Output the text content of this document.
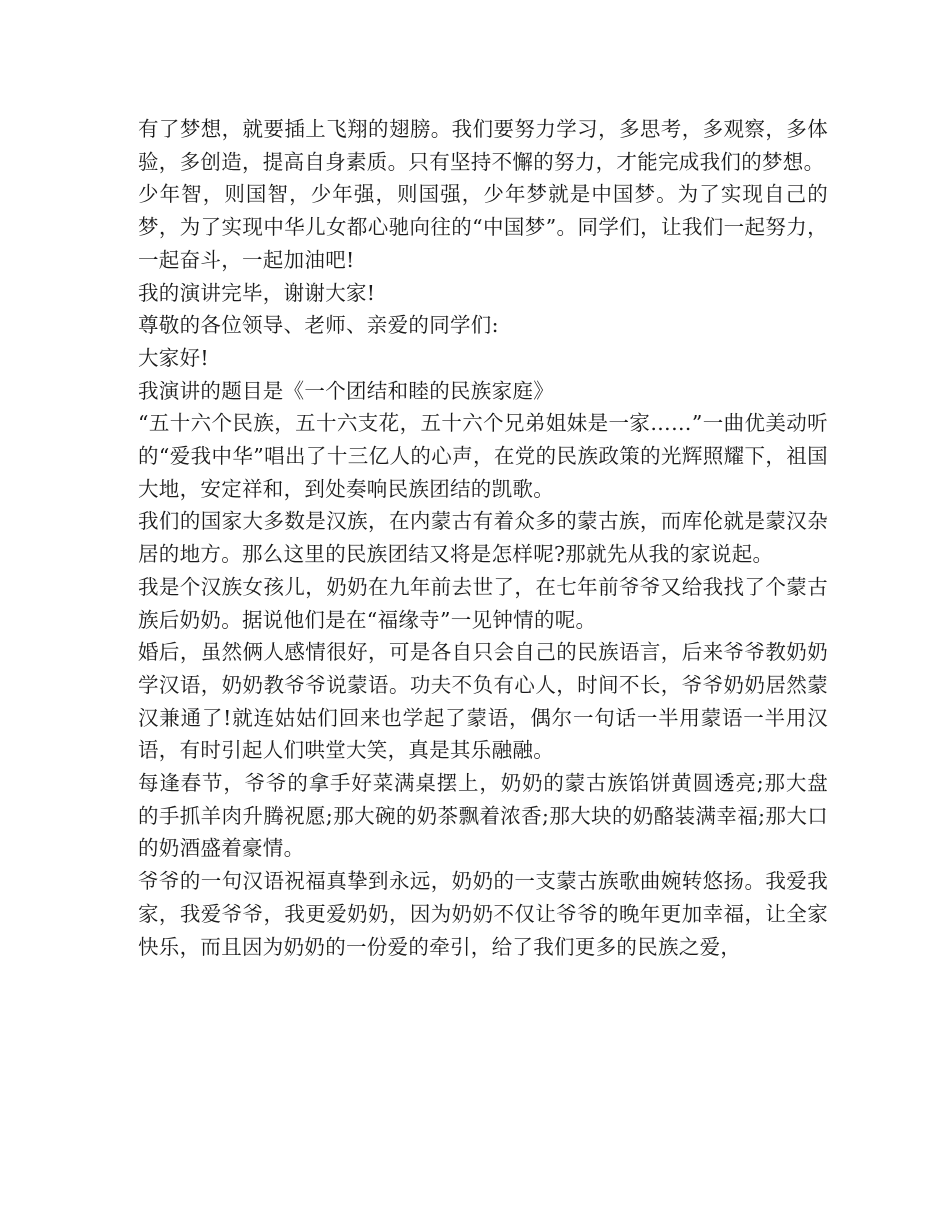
有了梦想，就要插上飞翔的翅膀。我们要努力学习，多思考，多观察，多体验，多创造，提高自身素质。只有坚持不懈的努力，才能完成我们的梦想。

少年智，则国智，少年强，则国强，少年梦就是中国梦。为了实现自己的梦，为了实现中华儿女都心驰向往的“中国梦”。同学们，让我们一起努力，一起奋斗，一起加油吧!

我的演讲完毕，谢谢大家!

尊敬的各位领导、老师、亲爱的同学们:

大家好!

我演讲的题目是《一个团结和睦的民族家庭》

“五十六个民族，五十六支花，五十六个兄弟姐妹是一家……”一曲优美动听的“爱我中华”唱出了十三亿人的心声，在党的民族政策的光辉照耀下，祖国大地，安定祥和，到处奏响民族团结的凯歌。

我们的国家大多数是汉族，在内蒙古有着众多的蒙古族，而库伦就是蒙汉杂居的地方。那么这里的民族团结又将是怎样呢?那就先从我的家说起。

我是个汉族女孩儿，奶奶在九年前去世了，在七年前爷爷又给我找了个蒙古族后奶奶。据说他们是在“福缘寺”一见钟情的呢。

婚后，虽然俩人感情很好，可是各自只会自己的民族语言，后来爷爷教奶奶学汉语，奶奶教爷爷说蒙语。功夫不负有心人，时间不长，爷爷奶奶居然蒙汉兼通了!就连姑姑们回来也学起了蒙语，偶尔一句话一半用蒙语一半用汉语，有时引起人们哄堂大笑，真是其乐融融。

每逢春节，爷爷的拿手好菜满桌摆上，奶奶的蒙古族馅饼黄圆透亮;那大盘的手抓羊肉升腾祝愿;那大碗的奶茶飘着浓香;那大块的奶酪装满幸福;那大口的奶酒盛着豪情。

爷爷的一句汉语祝福真挚到永远，奶奶的一支蒙古族歌曲婉转悠扬。我爱我家，我爱爷爷，我更爱奶奶，因为奶奶不仅让爷爷的晚年更加幸福，让全家快乐，而且因为奶奶的一份爱的牵引，给了我们更多的民族之爱，
